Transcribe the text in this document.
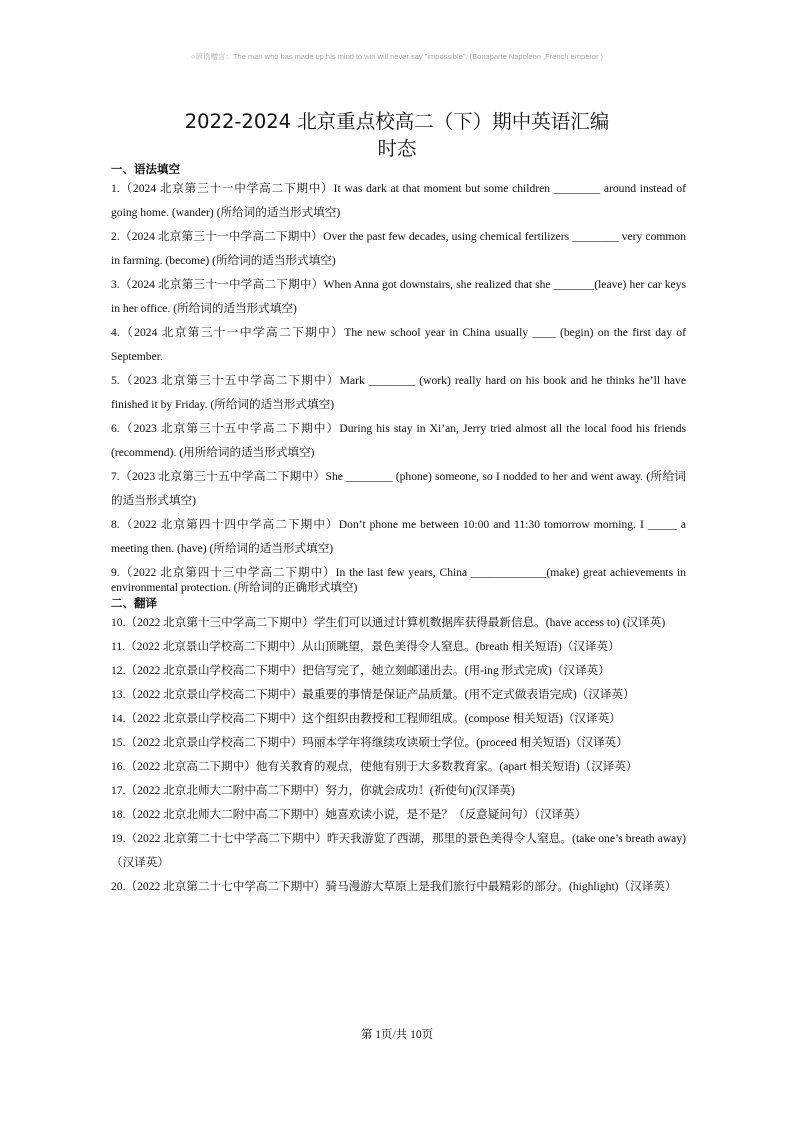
○谚语赠言：The man who has made up his mind to win will never say "impossible". (Bonaparte Napoleon ,French emperor )
2022-2024 北京重点校高二（下）期中英语汇编
时态
一、语法填空
1.（2024 北京第三十一中学高二下期中）It was dark at that moment but some children ________ around instead of going home. (wander) (所给词的适当形式填空)
2.（2024 北京第三十一中学高二下期中）Over the past few decades, using chemical fertilizers ________ very common in farming. (become) (所给词的适当形式填空)
3.（2024 北京第三十一中学高二下期中）When Anna got downstairs, she realized that she _______(leave) her car keys in her office. (所给词的适当形式填空)
4.（2024 北京第三十一中学高二下期中）The new school year in China usually ____ (begin) on the first day of September.
5.（2023 北京第三十五中学高二下期中）Mark ________ (work) really hard on his book and he thinks he’ll have finished it by Friday. (所给词的适当形式填空)
6.（2023 北京第三十五中学高二下期中）During his stay in Xi’an, Jerry tried almost all the local food his friends (recommend). (用所给词的适当形式填空)
7.（2023 北京第三十五中学高二下期中）She ________ (phone) someone, so I nodded to her and went away. (所给词的适当形式填空)
8.（2022 北京第四十四中学高二下期中）Don’t phone me between 10:00 and 11:30 tomorrow morning. I _____ a meeting then. (have) (所给词的适当形式填空)
9.（2022 北京第四十三中学高二下期中）In the last few years, China _____________(make) great achievements in environmental protection. (所给词的正确形式填空)
二、翻译
10.（2022 北京第十三中学高二下期中）学生们可以通过计算机数据库获得最新信息。(have access to) (汉译英)
11.（2022 北京景山学校高二下期中）从山顶眺望，景色美得令人窒息。(breath 相关短语)（汉译英）
12.（2022 北京景山学校高二下期中）把信写完了，她立刻邮递出去。(用-ing 形式完成)（汉译英）
13.（2022 北京景山学校高二下期中）最重要的事情是保证产品质量。(用不定式做表语完成)（汉译英）
14.（2022 北京景山学校高二下期中）这个组织由教授和工程师组成。(compose 相关短语)（汉译英）
15.（2022 北京景山学校高二下期中）玛丽本学年将继续攻读硕士学位。(proceed 相关短语)（汉译英）
16.（2022 北京高二下期中）他有关教育的观点，使他有别于大多数教育家。(apart 相关短语)（汉译英）
17.（2022 北京北师大二附中高二下期中）努力，你就会成功！(祈使句)(汉译英)
18.（2022 北京北师大二附中高二下期中）她喜欢读小说，是不是？（反意疑问句）（汉译英）
19.（2022 北京第二十七中学高二下期中）昨天我游览了西湖，那里的景色美得令人窒息。(take one’s breath away)（汉译英）
20.（2022 北京第二十七中学高二下期中）骑马漫游大草原上是我们旅行中最精彩的部分。(highlight)（汉译英）
第 1页/共 10页
